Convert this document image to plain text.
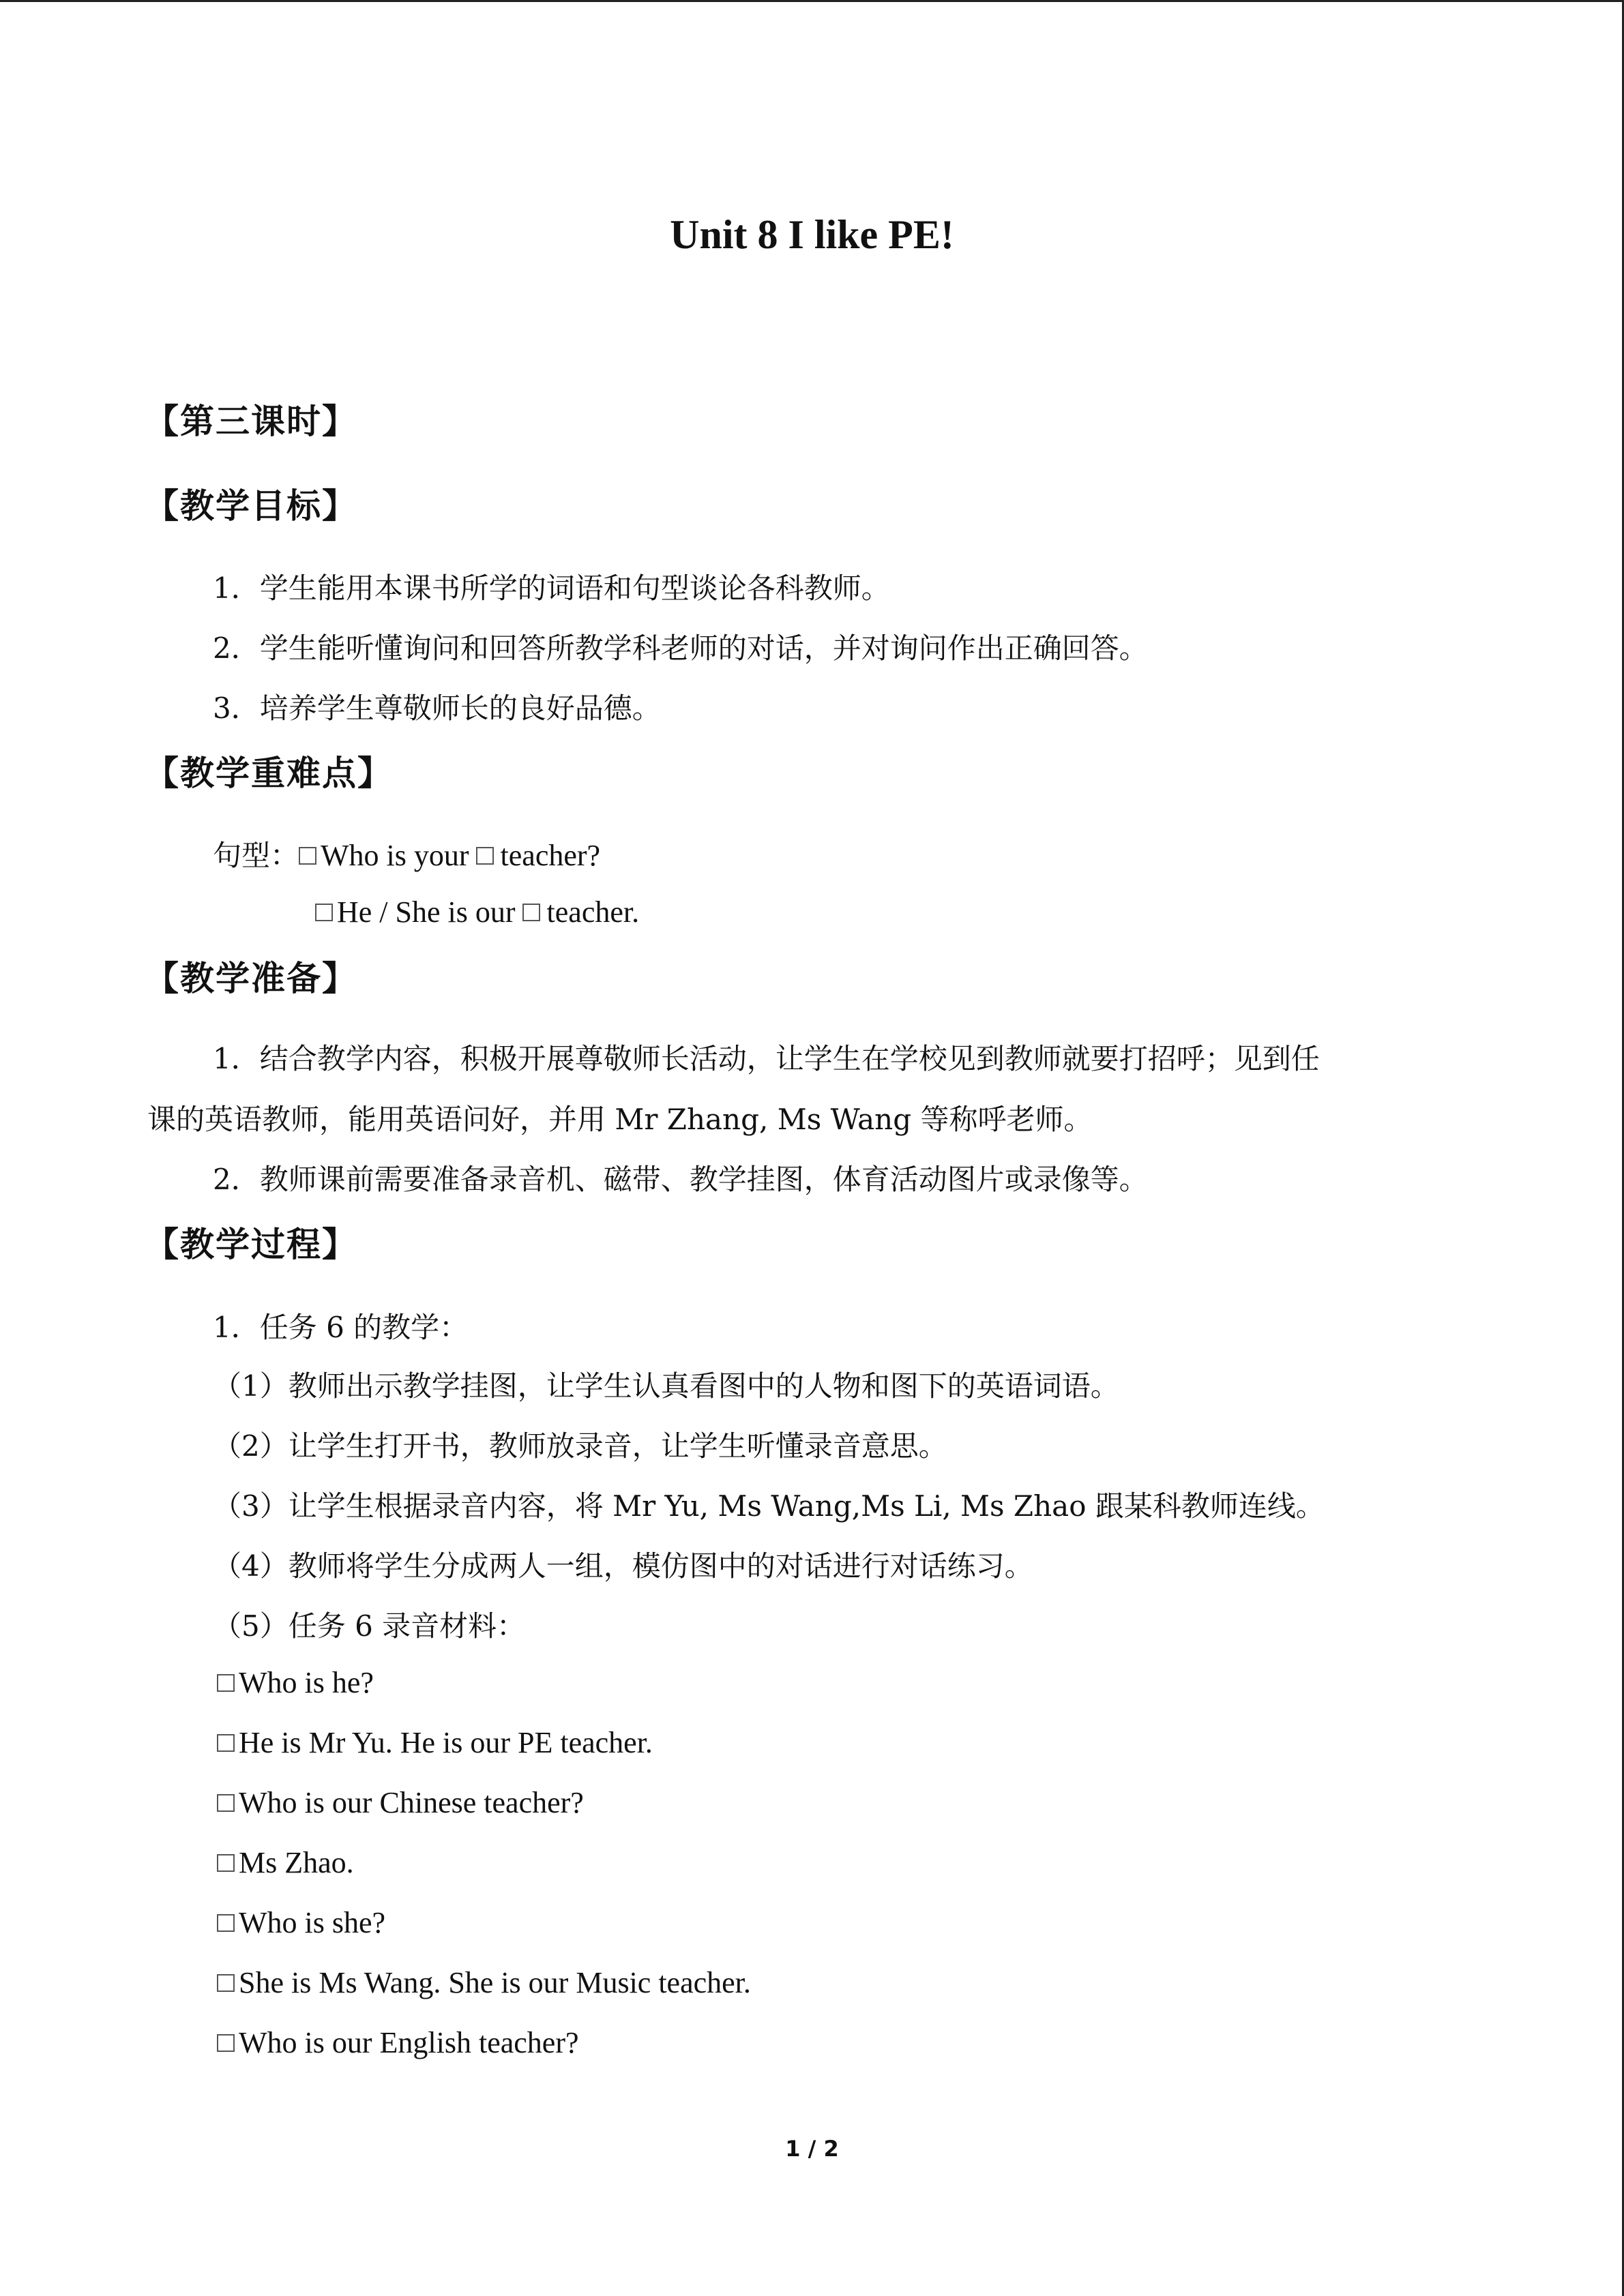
Unit 8 I like PE!
【第三课时】
【教学目标】
1．学生能用本课书所学的词语和句型谈论各科教师。
2．学生能听懂询问和回答所教学科老师的对话，并对询问作出正确回答。
3．培养学生尊敬师长的良好品德。
【教学重难点】
句型： Who is your teacher?
He / She is our teacher.
【教学准备】
1．结合教学内容，积极开展尊敬师长活动，让学生在学校见到教师就要打招呼；见到任
课的英语教师，能用英语问好，并用 Mr Zhang, Ms Wang 等称呼老师。
2．教师课前需要准备录音机、磁带、教学挂图，体育活动图片或录像等。
【教学过程】
1．任务 6 的教学：
（1）教师出示教学挂图，让学生认真看图中的人物和图下的英语词语。
（2）让学生打开书，教师放录音，让学生听懂录音意思。
（3）让学生根据录音内容，将 Mr Yu, Ms Wang,Ms Li, Ms Zhao 跟某科教师连线。
（4）教师将学生分成两人一组，模仿图中的对话进行对话练习。
（5）任务 6 录音材料：
Who is he?
He is Mr Yu. He is our PE teacher.
Who is our Chinese teacher?
Ms Zhao.
Who is she?
She is Ms Wang. She is our Music teacher.
Who is our English teacher?
1 / 2
